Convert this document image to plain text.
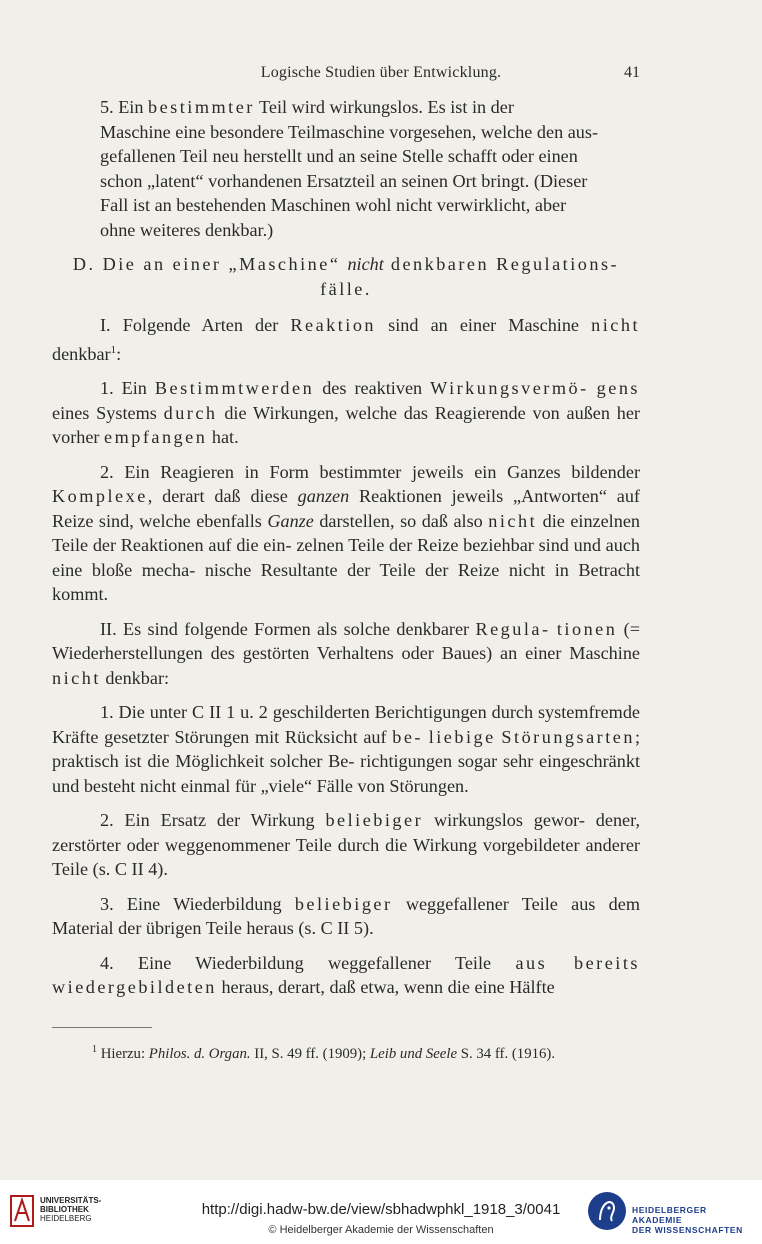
Logische Studien über Entwicklung.	41

5. Ein bestimmter Teil wird wirkungslos. Es ist in der
Maschine eine besondere Teilmaschine vorgesehen, welche den aus-
gefallenen Teil neu herstellt und an seine Stelle schafft oder einen
schon „latent“ vorhandenen Ersatzteil an seinen Ort bringt. (Dieser
Fall ist an bestehenden Maschinen wohl nicht verwirklicht, aber
ohne weiteres denkbar.)

D. Die an einer „Maschine“ nicht denkbaren Regulations- fälle.

I. Folgende Arten der Reaktion sind an einer Maschine nicht denkbar$^1$:

1. Ein Bestimmtwerden des reaktiven Wirkungsvermö- gens eines Systems durch die Wirkungen, welche das Reagierende von außen her vorher empfangen hat.

2. Ein Reagieren in Form bestimmter jeweils ein Ganzes bildender Komplexe, derart daß diese ganzen Reaktionen jeweils „Antworten“ auf Reize sind, welche ebenfalls Ganze darstellen, so daß also nicht die einzelnen Teile der Reaktionen auf die ein- zelnen Teile der Reize beziehbar sind und auch eine bloße mecha- nische Resultante der Teile der Reize nicht in Betracht kommt.

II. Es sind folgende Formen als solche denkbarer Regula- tionen (= Wiederherstellungen des gestörten Verhaltens oder Baues) an einer Maschine nicht denkbar:

1. Die unter C II 1 u. 2 geschilderten Berichtigungen durch systemfremde Kräfte gesetzter Störungen mit Rücksicht auf be- liebige Störungsarten; praktisch ist die Möglichkeit solcher Be- richtigungen sogar sehr eingeschränkt und besteht nicht einmal für „viele“ Fälle von Störungen.

2. Ein Ersatz der Wirkung beliebiger wirkungslos gewor- dener, zerstörter oder weggenommener Teile durch die Wirkung vorgebildeter anderer Teile (s. C II 4).

3. Eine Wiederbildung beliebiger weggefallener Teile aus dem Material der übrigen Teile heraus (s. C II 5).

4. Eine Wiederbildung weggefallener Teile aus bereits wiedergebildeten heraus, derart, daß etwa, wenn die eine Hälfte

$^1$ Hierzu: Philos. d. Organ. II, S. 49 ff. (1909); Leib und Seele S. 34 ff. (1916).
UNIVERSITÄTS-
BIBLIOTHEK
HEIDELBERG
http://digi.hadw-bw.de/view/sbhadwphkl_1918_3/0041
© Heidelberger Akademie der Wissenschaften
HEIDELBERGER AKADEMIE
DER WISSENSCHAFTEN
